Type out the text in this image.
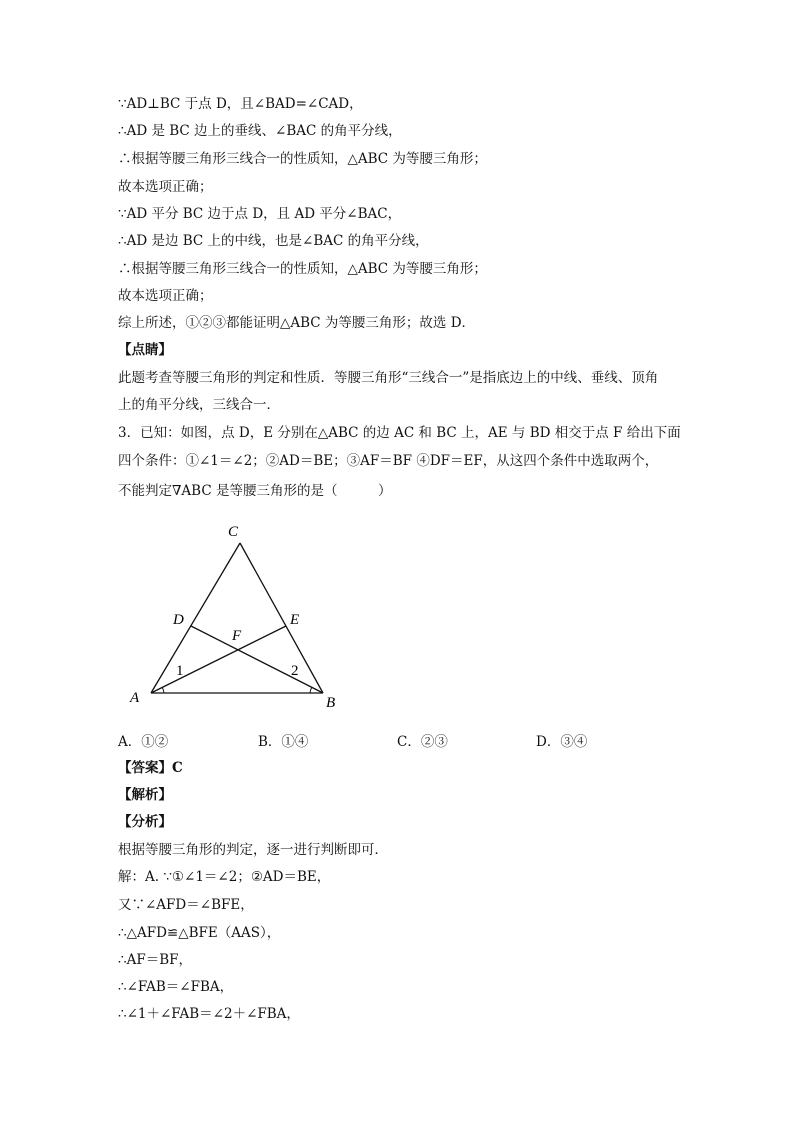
∵AD⊥BC 于点 D，且∠BAD=∠CAD，
∴AD 是 BC 边上的垂线、∠BAC 的角平分线，
∴根据等腰三角形三线合一的性质知，△ABC 为等腰三角形；
故本选项正确；
∵AD 平分 BC 边于点 D，且 AD 平分∠BAC，
∴AD 是边 BC 上的中线，也是∠BAC 的角平分线，
∴根据等腰三角形三线合一的性质知，△ABC 为等腰三角形；
故本选项正确；
综上所述，①②③都能证明△ABC 为等腰三角形；故选 D．
【点睛】
此题考查等腰三角形的判定和性质．等腰三角形“三线合一”是指底边上的中线、垂线、顶角
上的角平分线，三线合一．
3．已知：如图，点 D，E 分别在△ABC 的边 AC 和 BC 上，AE 与 BD 相交于点 F 给出下面
四个条件：①∠1＝∠2；②AD＝BE；③AF＝BF ④DF＝EF，从这四个条件中选取两个，
不能判定∇ABC 是等腰三角形的是（　　　）
C
D	E
F
A	B
1	2
A．①②	B．①④	C．②③	D．③④
【答案】C
【解析】
【分析】
根据等腰三角形的判定，逐一进行判断即可．
解：A. ∵①∠1＝∠2；②AD＝BE，
又∵∠AFD＝∠BFE，
∴△AFD≌△BFE（AAS），
∴AF＝BF，
∴∠FAB＝∠FBA，
∴∠1＋∠FAB＝∠2＋∠FBA，
